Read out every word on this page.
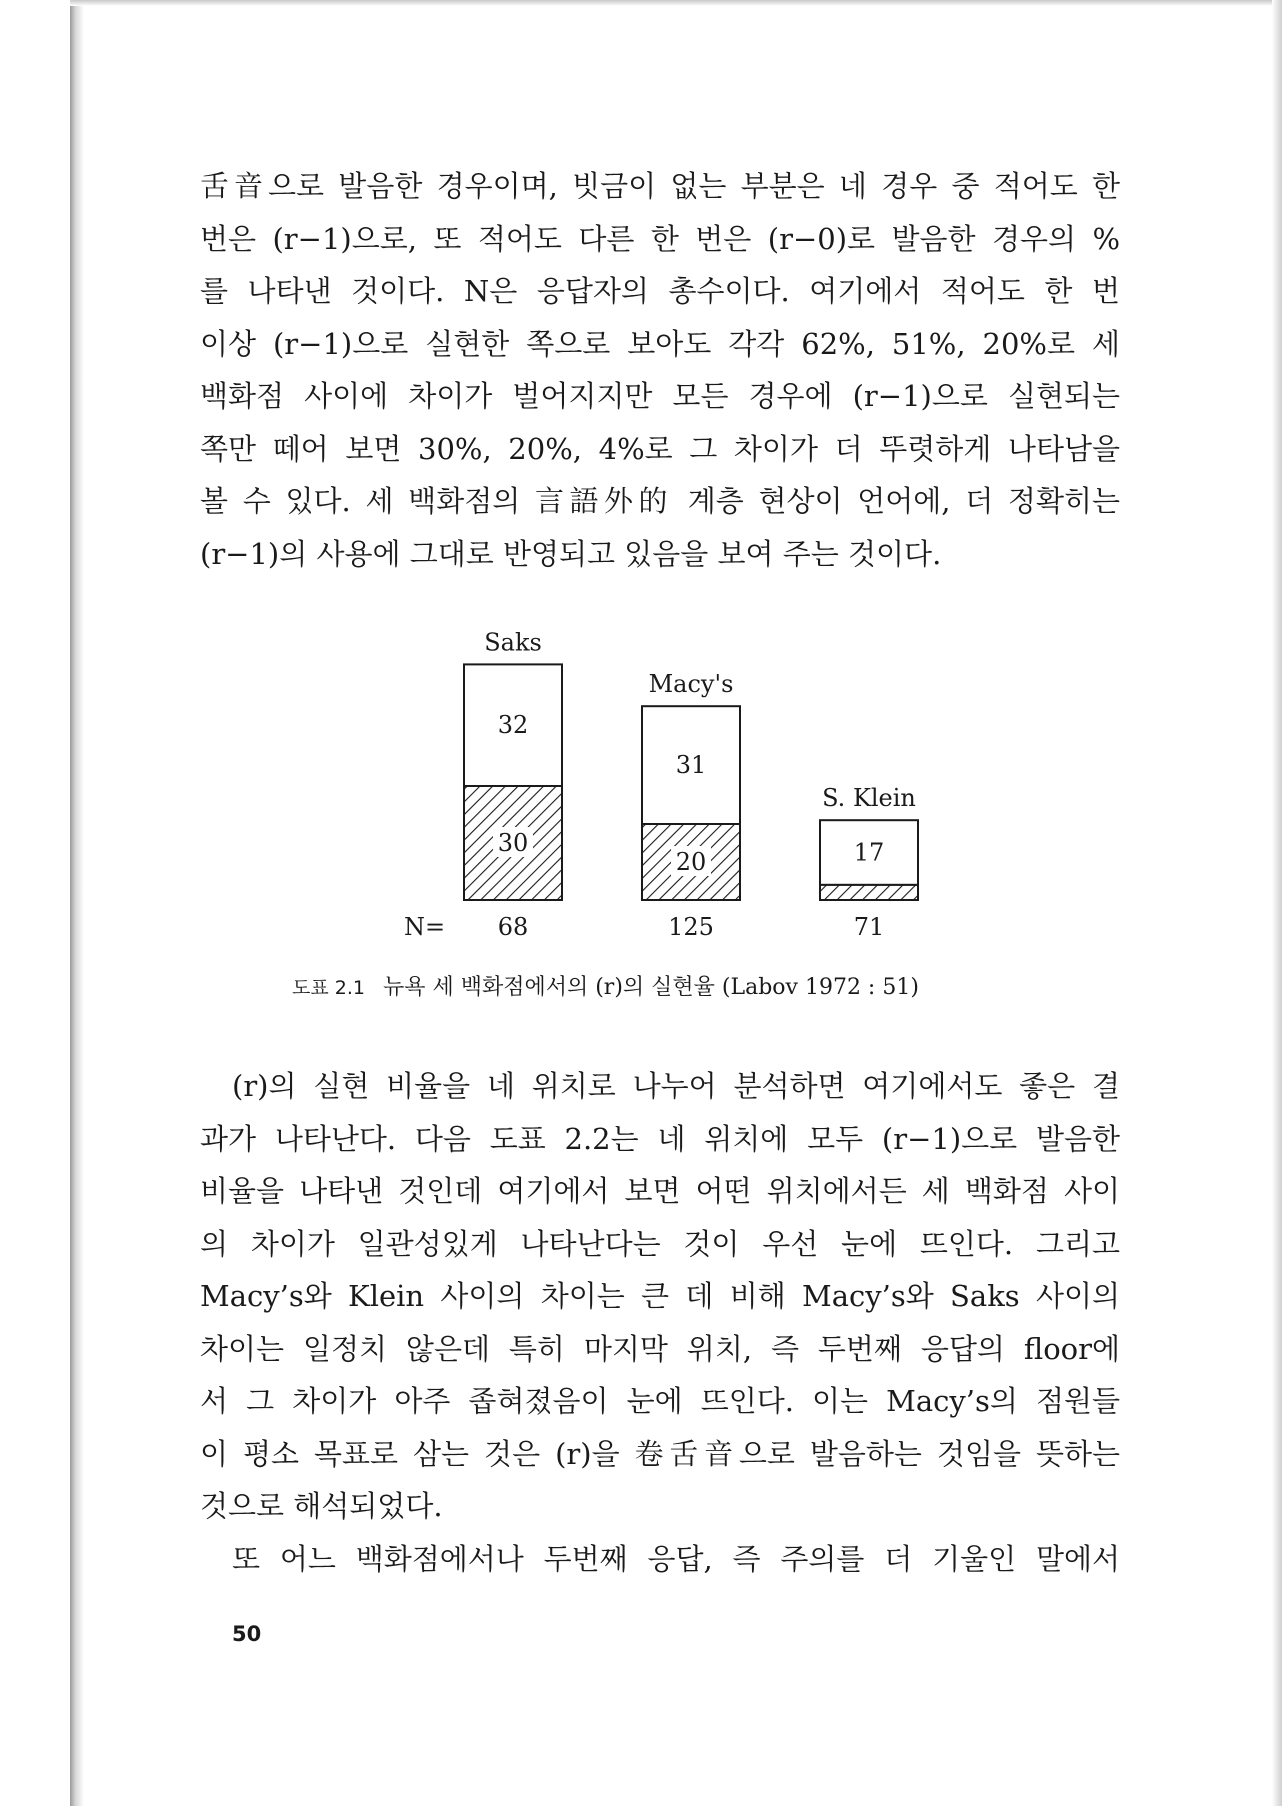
舌音으로 발음한 경우이며, 빗금이 없는 부분은 네 경우 중 적어도 한
번은 (r−1)으로, 또 적어도 다른 한 번은 (r−0)로 발음한 경우의 %
를 나타낸 것이다. N은 응답자의 총수이다. 여기에서 적어도 한 번
이상 (r−1)으로 실현한 쪽으로 보아도 각각 62%, 51%, 20%로 세
백화점 사이에 차이가 벌어지지만 모든 경우에 (r−1)으로 실현되는
쪽만 떼어 보면 30%, 20%, 4%로 그 차이가 더 뚜렷하게 나타남을
볼 수 있다. 세 백화점의 言語外的 계층 현상이 언어에, 더 정확히는
(r−1)의 사용에 그대로 반영되고 있음을 보여 주는 것이다.
30
32
Saks
68
20
31
Macy's
125
17
S. Klein
71
N=
도표 2.1 뉴욕 세 백화점에서의 (r)의 실현율 (Labov 1972 : 51)
(r)의 실현 비율을 네 위치로 나누어 분석하면 여기에서도 좋은 결
과가 나타난다. 다음 도표 2.2는 네 위치에 모두 (r−1)으로 발음한
비율을 나타낸 것인데 여기에서 보면 어떤 위치에서든 세 백화점 사이
의 차이가 일관성있게 나타난다는 것이 우선 눈에 뜨인다. 그리고
Macy’s와 Klein 사이의 차이는 큰 데 비해 Macy’s와 Saks 사이의
차이는 일정치 않은데 특히 마지막 위치, 즉 두번째 응답의 floor에
서 그 차이가 아주 좁혀졌음이 눈에 뜨인다. 이는 Macy’s의 점원들
이 평소 목표로 삼는 것은 (r)을 卷舌音으로 발음하는 것임을 뜻하는
것으로 해석되었다.
또 어느 백화점에서나 두번째 응답, 즉 주의를 더 기울인 말에서
50
